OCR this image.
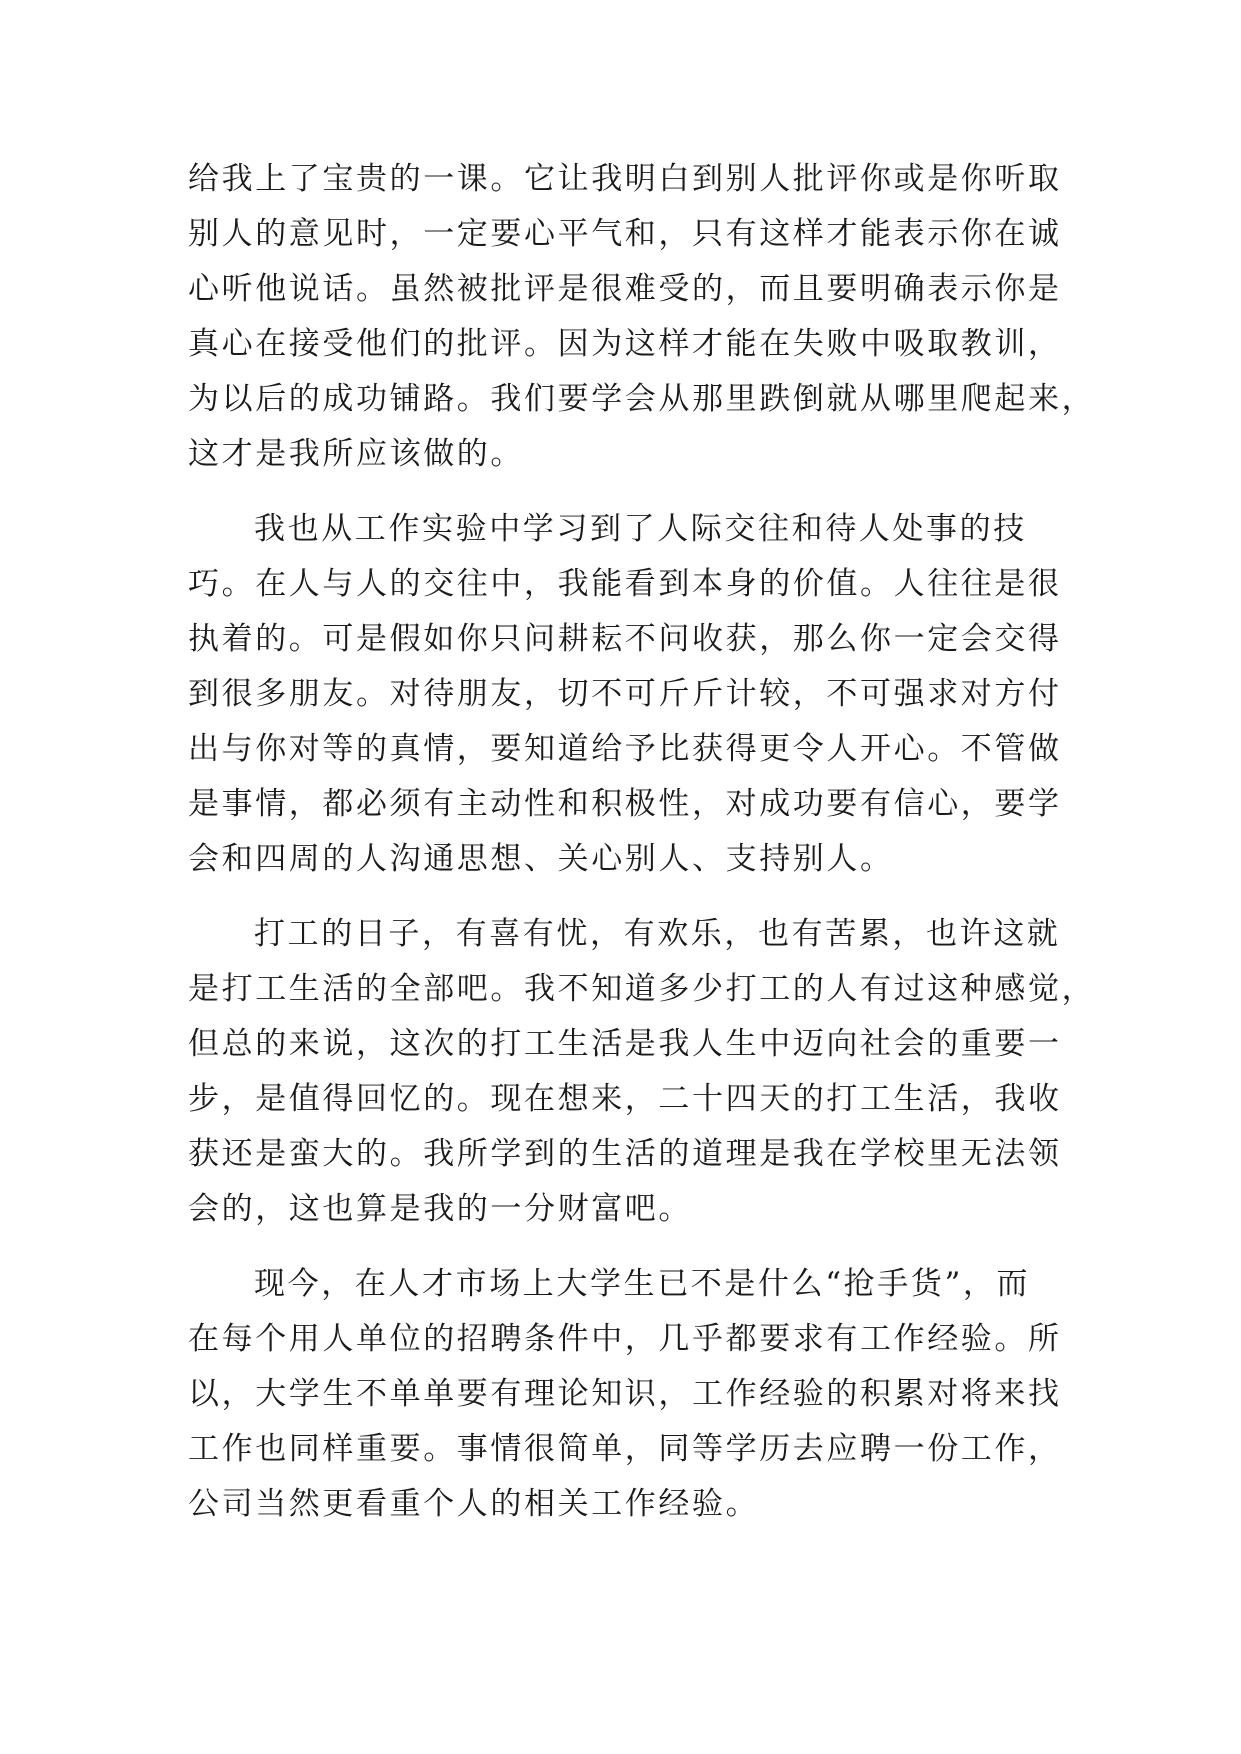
给我上了宝贵的一课。它让我明白到别人批评你或是你听取
别人的意见时，一定要心平气和，只有这样才能表示你在诚
心听他说话。虽然被批评是很难受的，而且要明确表示你是
真心在接受他们的批评。因为这样才能在失败中吸取教训，
为以后的成功铺路。我们要学会从那里跌倒就从哪里爬起来，
这才是我所应该做的。
我也从工作实验中学习到了人际交往和待人处事的技
巧。在人与人的交往中，我能看到本身的价值。人往往是很
执着的。可是假如你只问耕耘不问收获，那么你一定会交得
到很多朋友。对待朋友，切不可斤斤计较，不可强求对方付
出与你对等的真情，要知道给予比获得更令人开心。不管做
是事情，都必须有主动性和积极性，对成功要有信心，要学
会和四周的人沟通思想、关心别人、支持别人。
打工的日子，有喜有忧，有欢乐，也有苦累，也许这就
是打工生活的全部吧。我不知道多少打工的人有过这种感觉，
但总的来说，这次的打工生活是我人生中迈向社会的重要一
步，是值得回忆的。现在想来，二十四天的打工生活，我收
获还是蛮大的。我所学到的生活的道理是我在学校里无法领
会的，这也算是我的一分财富吧。
现今，在人才市场上大学生已不是什么“抢手货”，而
在每个用人单位的招聘条件中，几乎都要求有工作经验。所
以，大学生不单单要有理论知识，工作经验的积累对将来找
工作也同样重要。事情很简单，同等学历去应聘一份工作，
公司当然更看重个人的相关工作经验。
